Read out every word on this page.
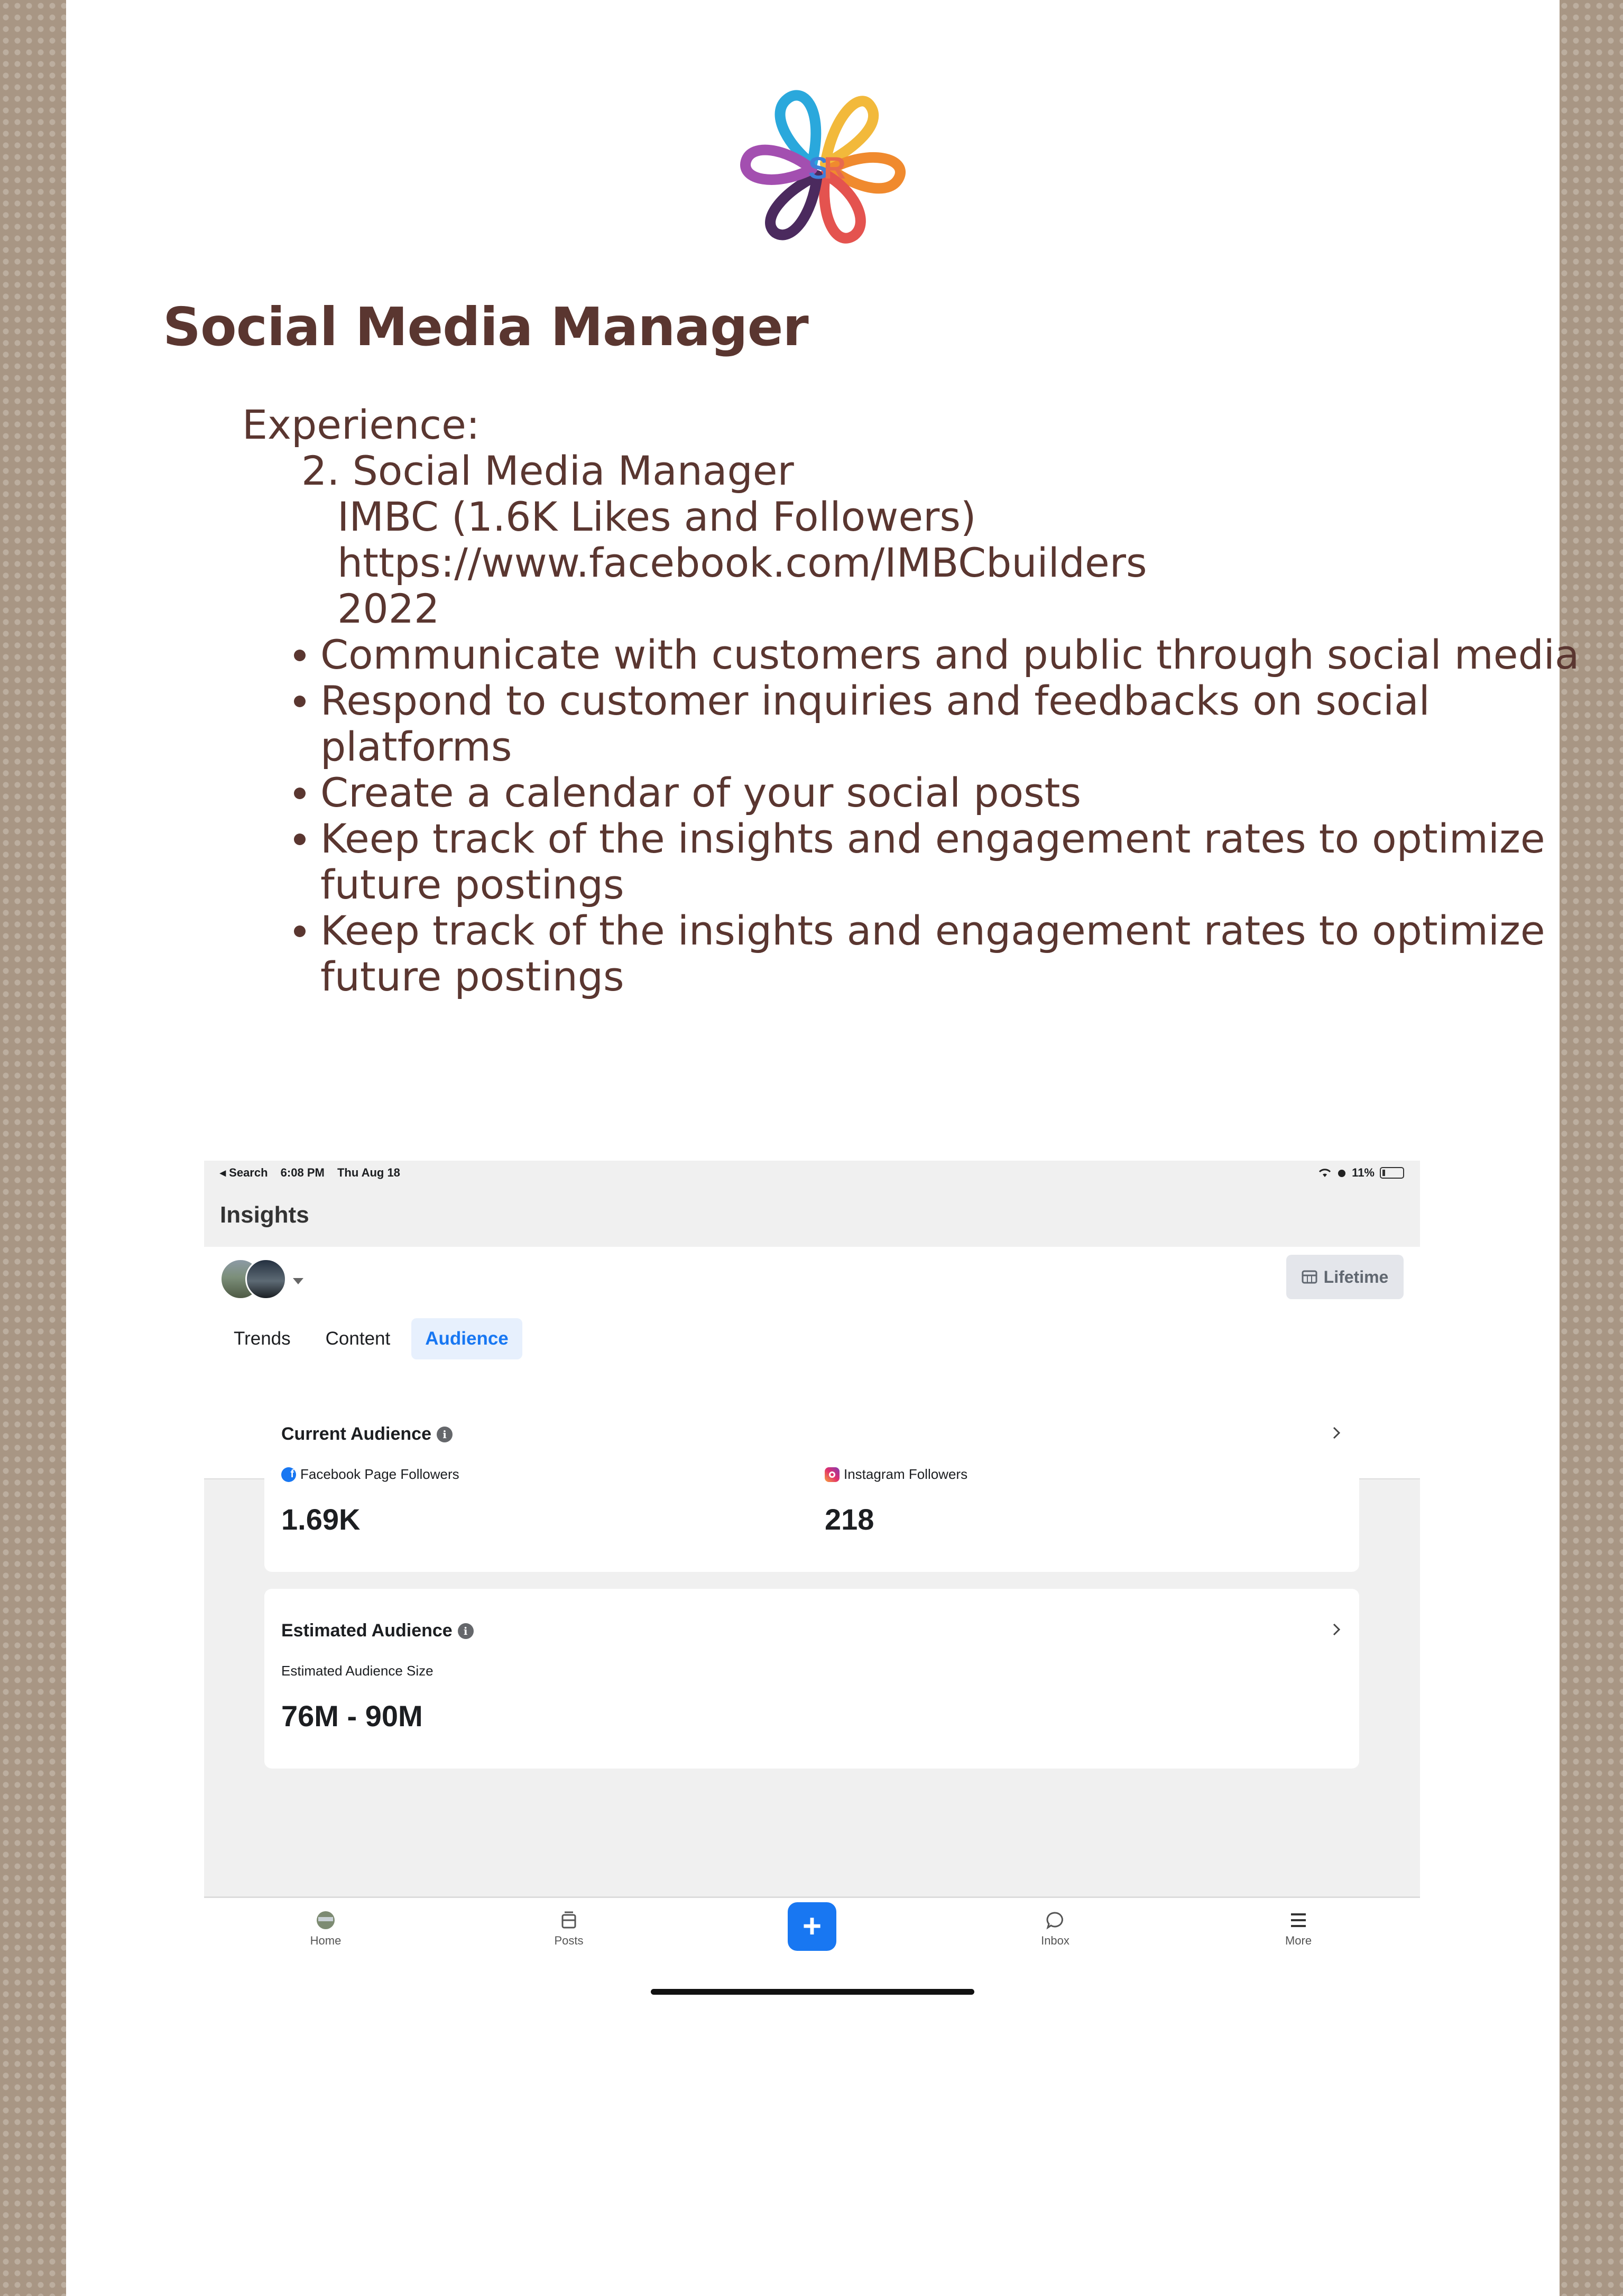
S
R
Social Media Manager
Experience:
2. Social Media Manager
IMBC (1.6K Likes and Followers)
https://www.facebook.com/IMBCbuilders
2022
Communicate with customers and public through social media
Respond to customer inquiries and feedbacks on social platforms
Create a calendar of your social posts
Keep track of the insights and engagement rates to optimize future postings
Keep track of the insights and engagement rates to optimize future postings
◂ Search 6:08 PM Thu Aug 18	11%
Insights
Lifetime
Trends	Content	Audience
Current Audience	i
f Facebook Page Followers
1.69K
Instagram Followers
218
Estimated Audience	i
Estimated Audience Size
76M - 90M
Home	Posts	+	Inbox	More
